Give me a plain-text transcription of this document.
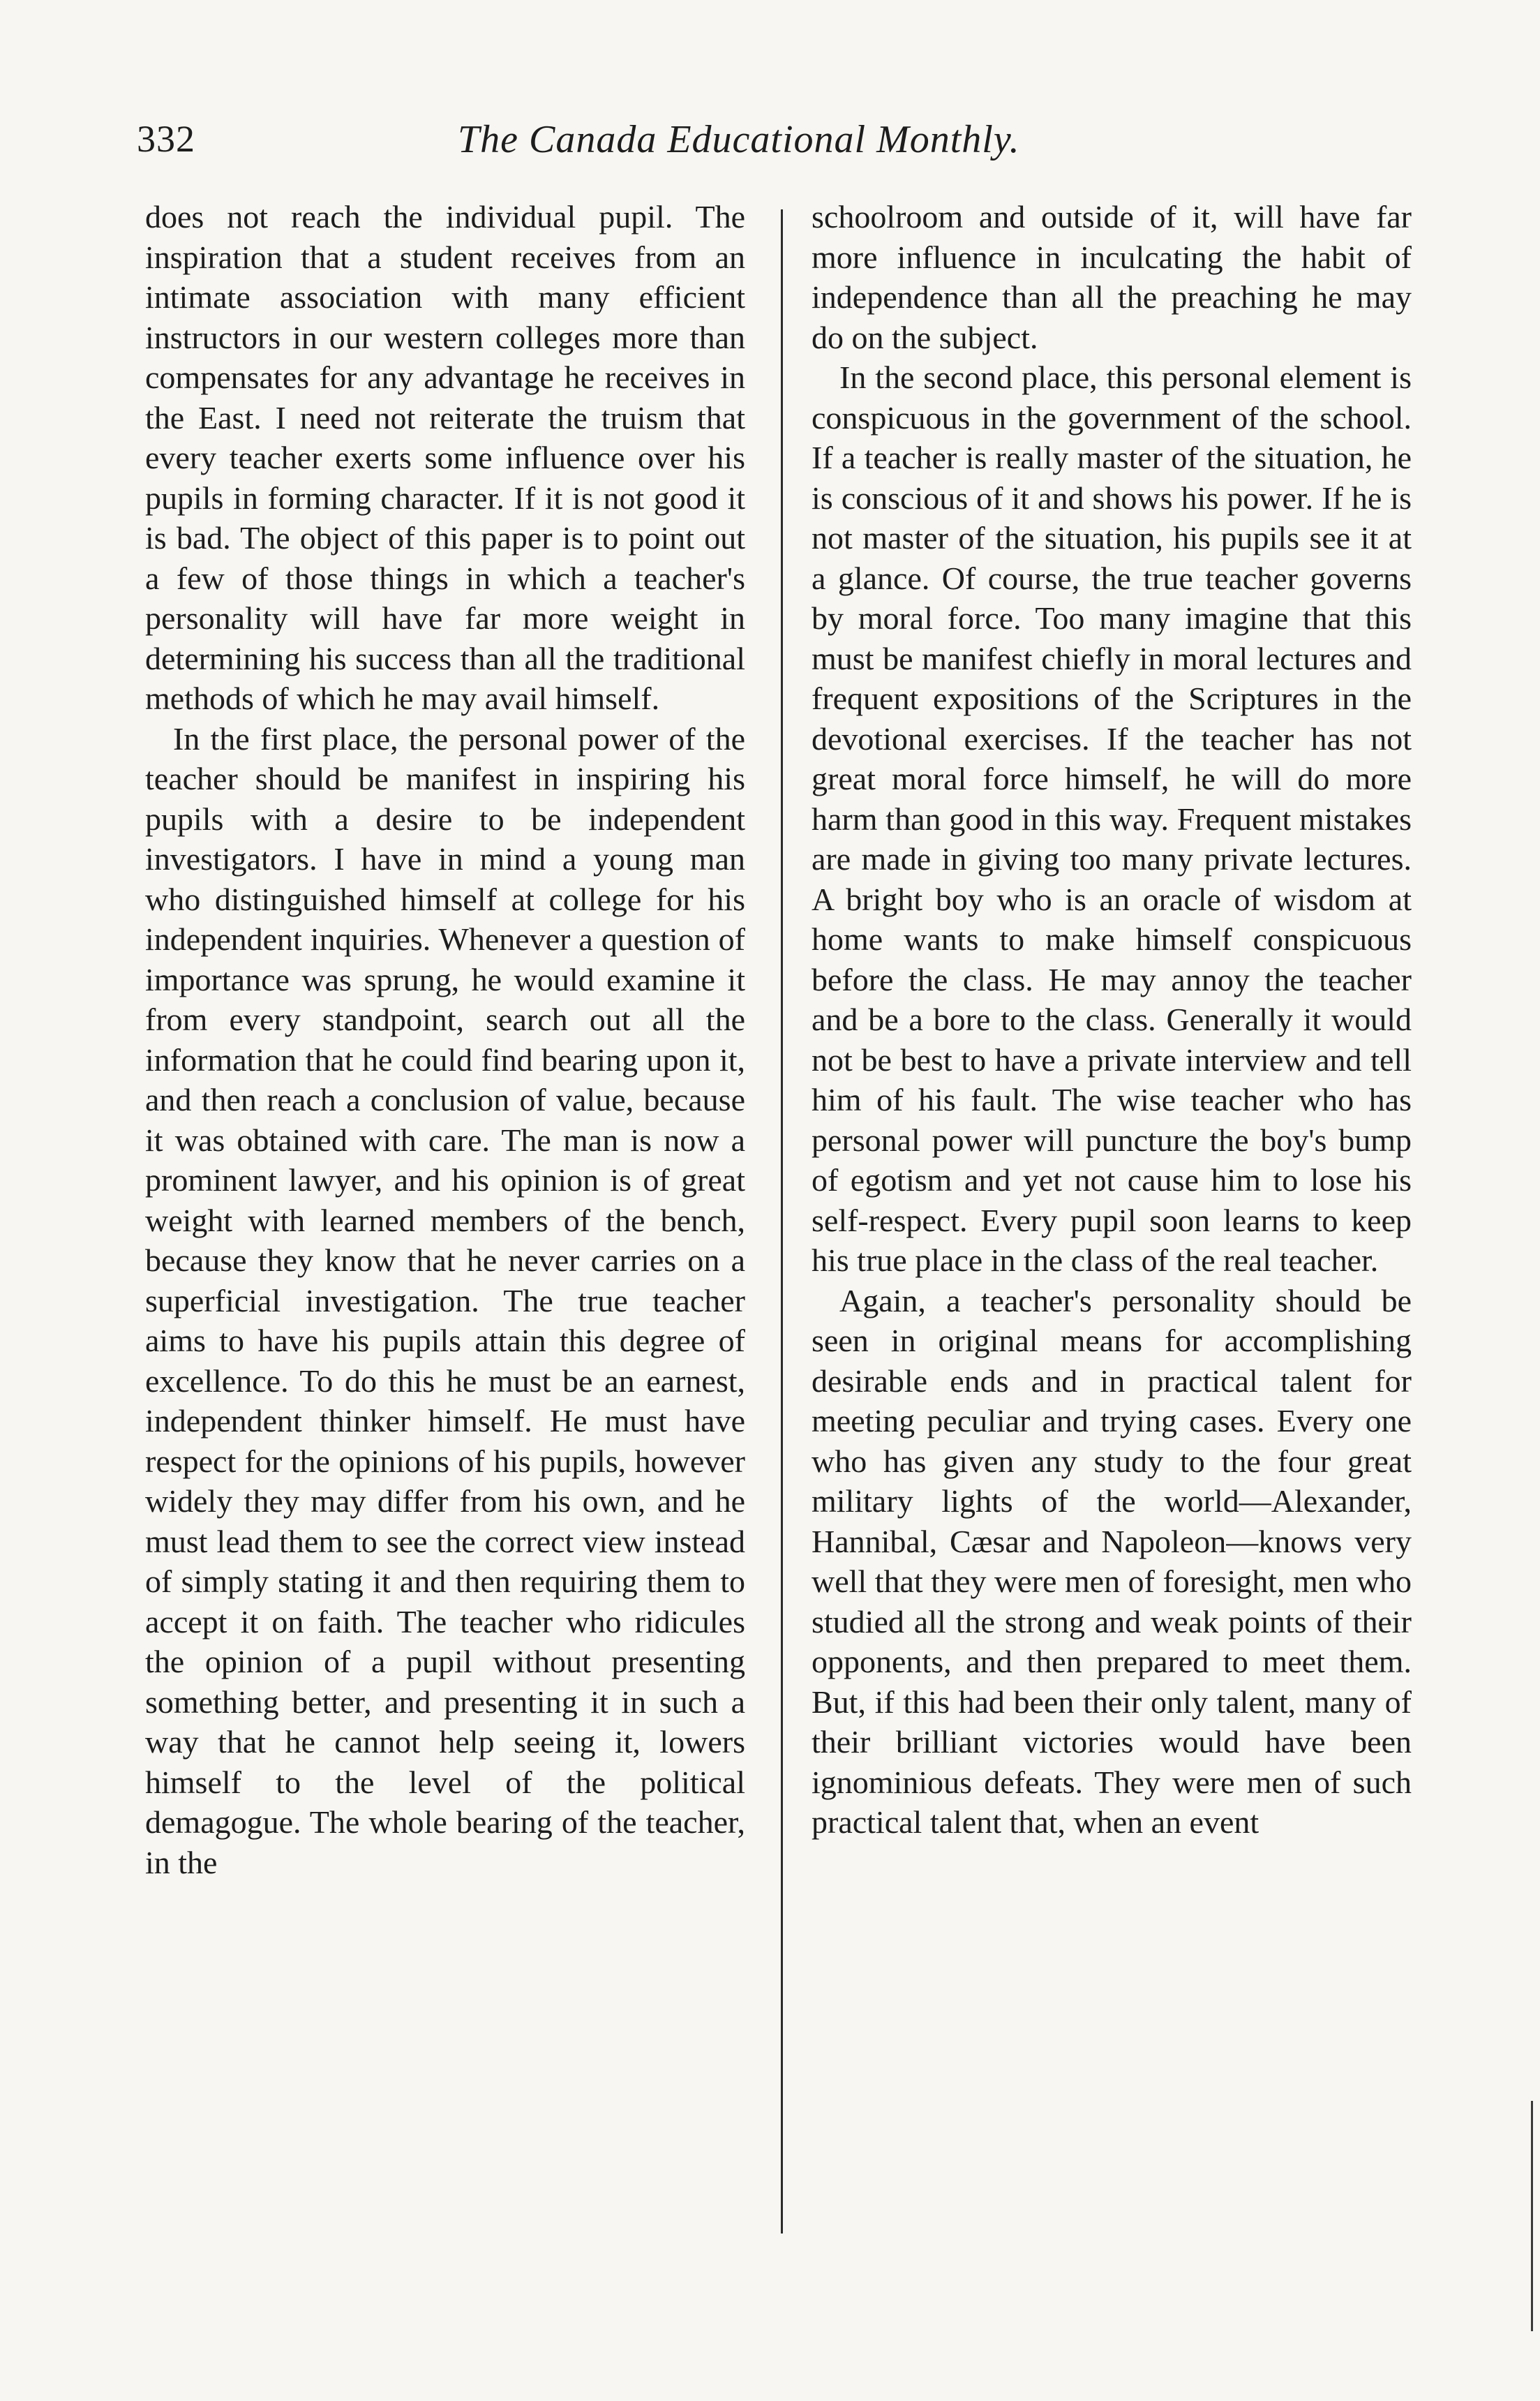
332	The Canada Educational Monthly.

does not reach the individual pupil. The inspiration that a student receives from an intimate association with many efficient instructors in our western colleges more than compensates for any advantage he receives in the East. I need not reiterate the truism that every teacher exerts some influence over his pupils in forming character. If it is not good it is bad. The object of this paper is to point out a few of those things in which a teacher's personality will have far more weight in determining his success than all the traditional methods of which he may avail himself.

In the first place, the personal power of the teacher should be manifest in inspiring his pupils with a desire to be independent investigators. I have in mind a young man who distinguished himself at college for his independent inquiries. Whenever a question of importance was sprung, he would examine it from every standpoint, search out all the information that he could find bearing upon it, and then reach a conclusion of value, because it was obtained with care. The man is now a prominent lawyer, and his opinion is of great weight with learned members of the bench, because they know that he never carries on a superficial investigation. The true teacher aims to have his pupils attain this degree of excellence. To do this he must be an earnest, independent thinker himself. He must have respect for the opinions of his pupils, however widely they may differ from his own, and he must lead them to see the correct view instead of simply stating it and then requiring them to accept it on faith. The teacher who ridicules the opinion of a pupil without presenting something better, and presenting it in such a way that he cannot help seeing it, lowers himself to the level of the political demagogue. The whole bearing of the teacher, in the

schoolroom and outside of it, will have far more influence in inculcating the habit of independence than all the preaching he may do on the subject.

In the second place, this personal element is conspicuous in the government of the school. If a teacher is really master of the situation, he is conscious of it and shows his power. If he is not master of the situation, his pupils see it at a glance. Of course, the true teacher governs by moral force. Too many imagine that this must be manifest chiefly in moral lectures and frequent expositions of the Scriptures in the devotional exercises. If the teacher has not great moral force himself, he will do more harm than good in this way. Frequent mistakes are made in giving too many private lectures. A bright boy who is an oracle of wisdom at home wants to make himself conspicuous before the class. He may annoy the teacher and be a bore to the class. Generally it would not be best to have a private interview and tell him of his fault. The wise teacher who has personal power will puncture the boy's bump of egotism and yet not cause him to lose his self-respect. Every pupil soon learns to keep his true place in the class of the real teacher.

Again, a teacher's personality should be seen in original means for accomplishing desirable ends and in practical talent for meeting peculiar and trying cases. Every one who has given any study to the four great military lights of the world—Alexander, Hannibal, Cæsar and Napoleon—knows very well that they were men of foresight, men who studied all the strong and weak points of their opponents, and then prepared to meet them. But, if this had been their only talent, many of their brilliant victories would have been ignominious defeats. They were men of such practical talent that, when an event
